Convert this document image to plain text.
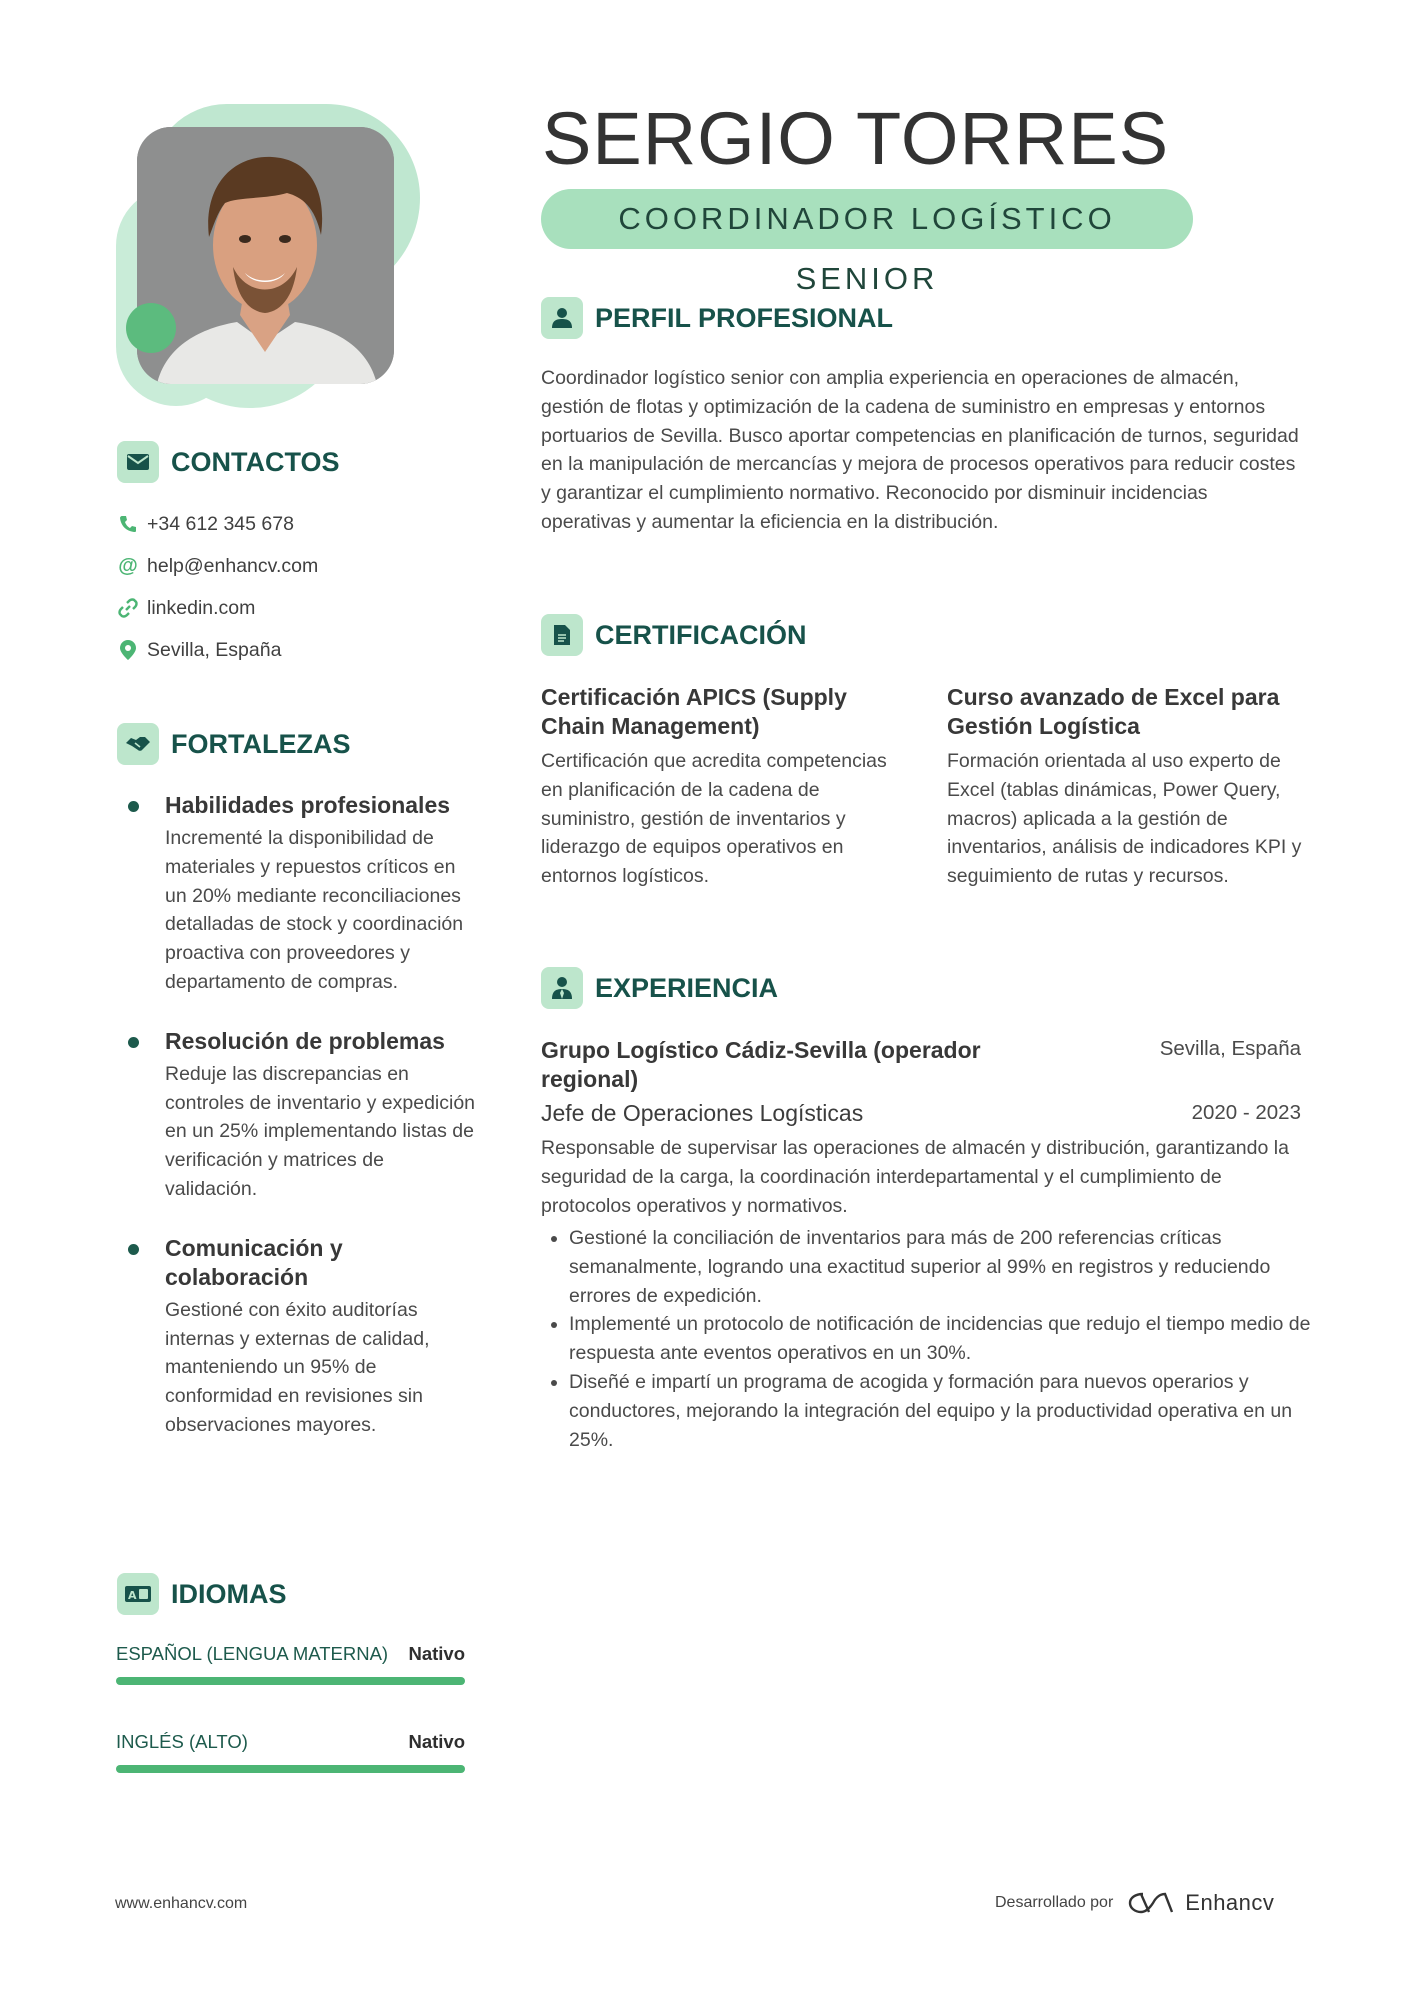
SERGIO TORRES
COORDINADOR LOGÍSTICO SENIOR
CONTACTOS
+34 612 345 678
@ help@enhancv.com
linkedin.com
Sevilla, España
FORTALEZAS
Habilidades profesionales
Incrementé la disponibilidad de materiales y repuestos críticos en un 20% mediante reconciliaciones detalladas de stock y coordinación proactiva con proveedores y departamento de compras.
Resolución de problemas
Reduje las discrepancias en controles de inventario y expedición en un 25% implementando listas de verificación y matrices de validación.
Comunicación y colaboración
Gestioné con éxito auditorías internas y externas de calidad, manteniendo un 95% de conformidad en revisiones sin observaciones mayores.
A IDIOMAS
ESPAÑOL (LENGUA MATERNA) Nativo
INGLÉS (ALTO)	Nativo
PERFIL PROFESIONAL
Coordinador logístico senior con amplia experiencia en operaciones de almacén, gestión de flotas y optimización de la cadena de suministro en empresas y entornos portuarios de Sevilla. Busco aportar competencias en planificación de turnos, seguridad en la manipulación de mercancías y mejora de procesos operativos para reducir costes y garantizar el cumplimiento normativo. Reconocido por disminuir incidencias operativas y aumentar la eficiencia en la distribución.
CERTIFICACIÓN
Certificación APICS (Supply Chain Management)
Certificación que acredita competencias en planificación de la cadena de suministro, gestión de inventarios y liderazgo de equipos operativos en entornos logísticos.
Curso avanzado de Excel para Gestión Logística
Formación orientada al uso experto de Excel (tablas dinámicas, Power Query, macros) aplicada a la gestión de inventarios, análisis de indicadores KPI y seguimiento de rutas y recursos.
EXPERIENCIA
Grupo Logístico Cádiz-Sevilla (operador regional)
Sevilla, España
Jefe de Operaciones Logísticas	2020 - 2023
Responsable de supervisar las operaciones de almacén y distribución, garantizando la seguridad de la carga, la coordinación interdepartamental y el cumplimiento de protocolos operativos y normativos.
• Gestioné la conciliación de inventarios para más de 200 referencias críticas semanalmente, logrando una exactitud superior al 99% en registros y reduciendo errores de expedición.
• Implementé un protocolo de notificación de incidencias que redujo el tiempo medio de respuesta ante eventos operativos en un 30%.
• Diseñé e impartí un programa de acogida y formación para nuevos operarios y conductores, mejorando la integración del equipo y la productividad operativa en un 25%.
www.enhancv.com	Desarrollado por	Enhancv
